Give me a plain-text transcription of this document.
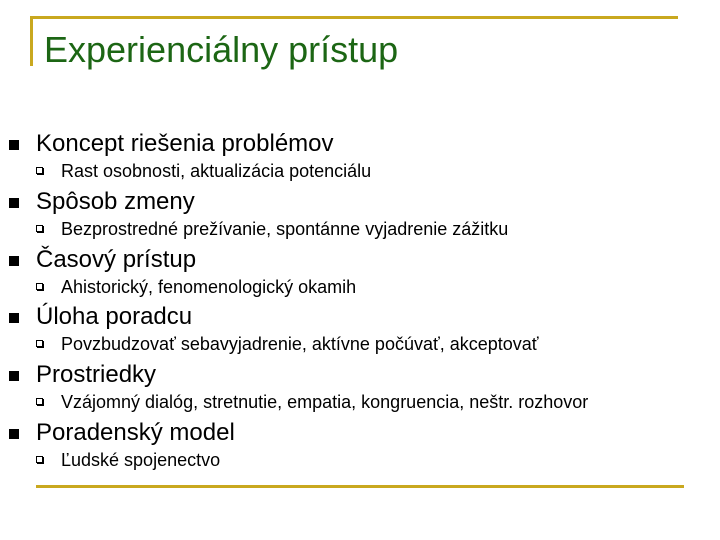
Experienciálny prístup
Koncept riešenia problémov
Rast osobnosti, aktualizácia potenciálu
Spôsob zmeny
Bezprostredné prežívanie, spontánne vyjadrenie zážitku
Časový prístup
Ahistorický, fenomenologický okamih
Úloha poradcu
Povzbudzovať sebavyjadrenie, aktívne počúvať, akceptovať
Prostriedky
Vzájomný dialóg, stretnutie, empatia, kongruencia, neštr. rozhovor
Poradenský model
Ľudské spojenectvo
